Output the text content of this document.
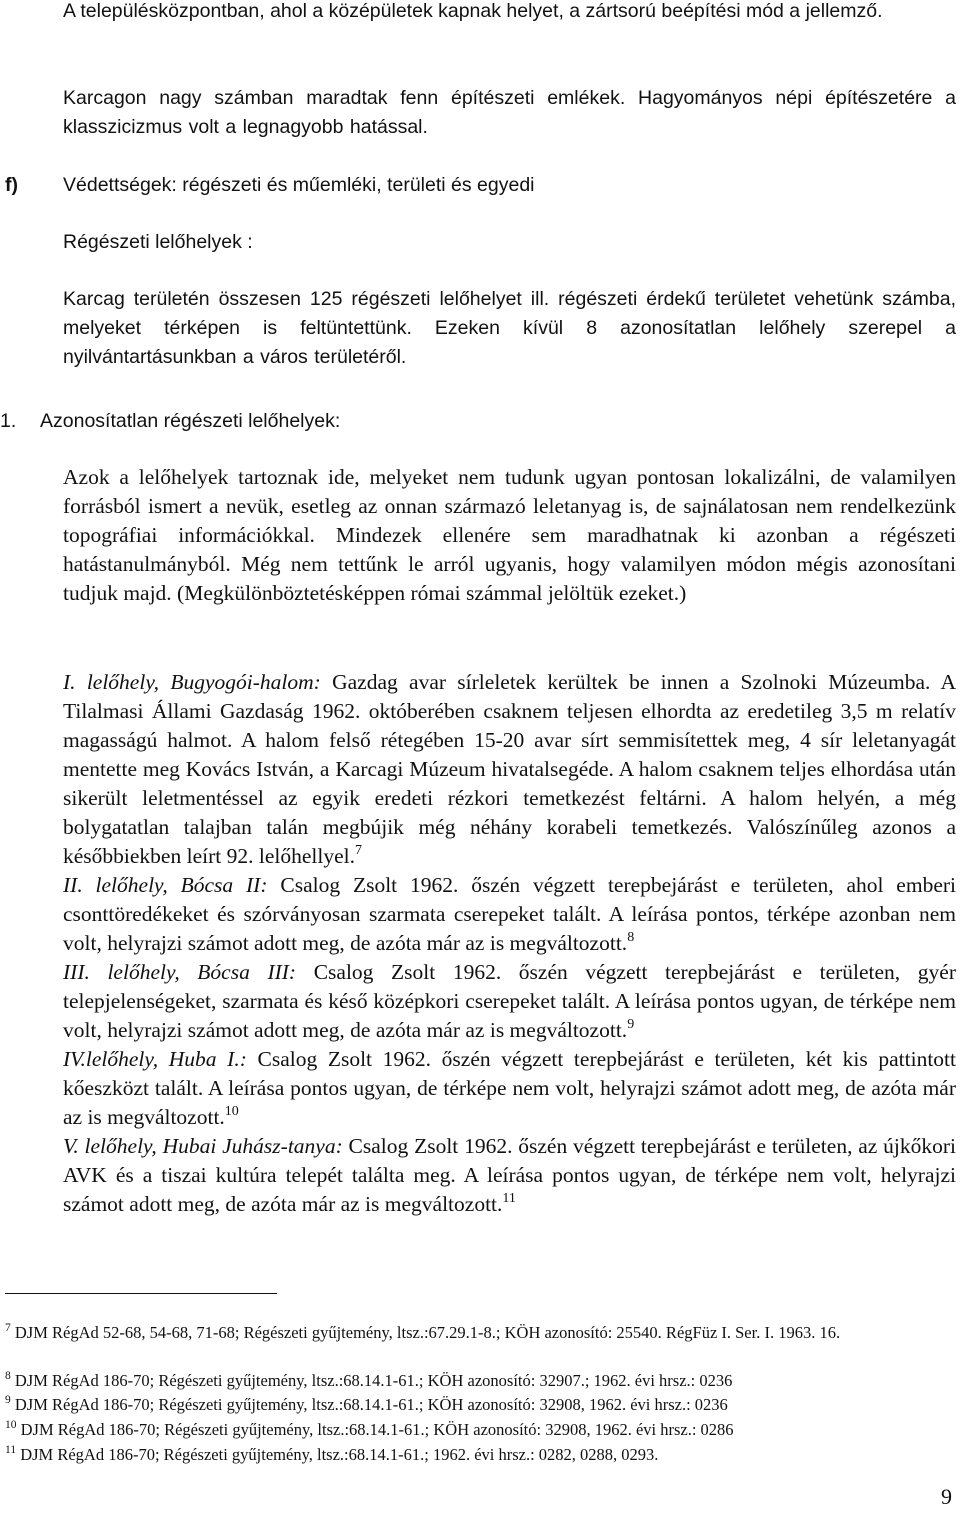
A településközpontban, ahol a középületek kapnak helyet, a zártsorú beépítési mód a jellemző.

Karcagon nagy számban maradtak fenn építészeti emlékek. Hagyományos népi építészetére a klasszicizmus volt a legnagyobb hatással.

f) Védettségek: régészeti és műemléki, területi és egyedi

Régészeti lelőhelyek :

Karcag területén összesen 125 régészeti lelőhelyet ill. régészeti érdekű területet vehetünk számba, melyeket térképen is feltüntettünk. Ezeken kívül 8 azonosítatlan lelőhely szerepel a nyilvántartásunkban a város területéről.

1. Azonosítatlan régészeti lelőhelyek:

Azok a lelőhelyek tartoznak ide, melyeket nem tudunk ugyan pontosan lokalizálni, de valamilyen forrásból ismert a nevük, esetleg az onnan származó leletanyag is, de sajnálatosan nem rendelkezünk topográfiai információkkal. Mindezek ellenére sem maradhatnak ki azonban a régészeti hatástanulmányból. Még nem tettűnk le arról ugyanis, hogy valamilyen módon mégis azonosítani tudjuk majd. (Megkülönböztetésképpen római számmal jelöltük ezeket.)

I. lelőhely, Bugyogói-halom: Gazdag avar sírleletek kerültek be innen a Szolnoki Múzeumba. A Tilalmasi Állami Gazdaság 1962. októberében csaknem teljesen elhordta az eredetileg 3,5 m relatív magasságú halmot. A halom felső rétegében 15-20 avar sírt semmisítettek meg, 4 sír leletanyagát mentette meg Kovács István, a Karcagi Múzeum hivatalsegéde. A halom csaknem teljes elhordása után sikerült leletmentéssel az egyik eredeti rézkori temetkezést feltárni. A halom helyén, a még bolygatatlan talajban talán megbújik még néhány korabeli temetkezés. Valószínűleg azonos a későbbiekben leírt 92. lelőhellyel.$^7$
II. lelőhely, Bócsa II: Csalog Zsolt 1962. őszén végzett terepbejárást e területen, ahol emberi csonttöredékeket és szórványosan szarmata cserepeket talált. A leírása pontos, térképe azonban nem volt, helyrajzi számot adott meg, de azóta már az is megváltozott.$^8$
III. lelőhely, Bócsa III: Csalog Zsolt 1962. őszén végzett terepbejárást e területen, gyér telepjelenségeket, szarmata és késő középkori cserepeket talált. A leírása pontos ugyan, de térképe nem volt, helyrajzi számot adott meg, de azóta már az is megváltozott.$^9$
IV.lelőhely, Huba I.: Csalog Zsolt 1962. őszén végzett terepbejárást e területen, két kis pattintott kőeszközt talált. A leírása pontos ugyan, de térképe nem volt, helyrajzi számot adott meg, de azóta már az is megváltozott.$^{10}$
V. lelőhely, Hubai Juhász-tanya: Csalog Zsolt 1962. őszén végzett terepbejárást e területen, az újkőkori AVK és a tiszai kultúra telepét találta meg. A leírása pontos ugyan, de térképe nem volt, helyrajzi számot adott meg, de azóta már az is megváltozott.$^{11}$

$^7$ DJM RégAd 52-68, 54-68, 71-68; Régészeti gyűjtemény, ltsz.:67.29.1-8.; KÖH azonosító: 25540. RégFüz I. Ser. I. 1963. 16.

$^8$ DJM RégAd 186-70; Régészeti gyűjtemény, ltsz.:68.14.1-61.; KÖH azonosító: 32907.; 1962. évi hrsz.: 0236

$^9$ DJM RégAd 186-70; Régészeti gyűjtemény, ltsz.:68.14.1-61.; KÖH azonosító: 32908, 1962. évi hrsz.: 0236

$^{10}$ DJM RégAd 186-70; Régészeti gyűjtemény, ltsz.:68.14.1-61.; KÖH azonosító: 32908, 1962. évi hrsz.: 0286

$^{11}$ DJM RégAd 186-70; Régészeti gyűjtemény, ltsz.:68.14.1-61.; 1962. évi hrsz.: 0282, 0288, 0293.

9
